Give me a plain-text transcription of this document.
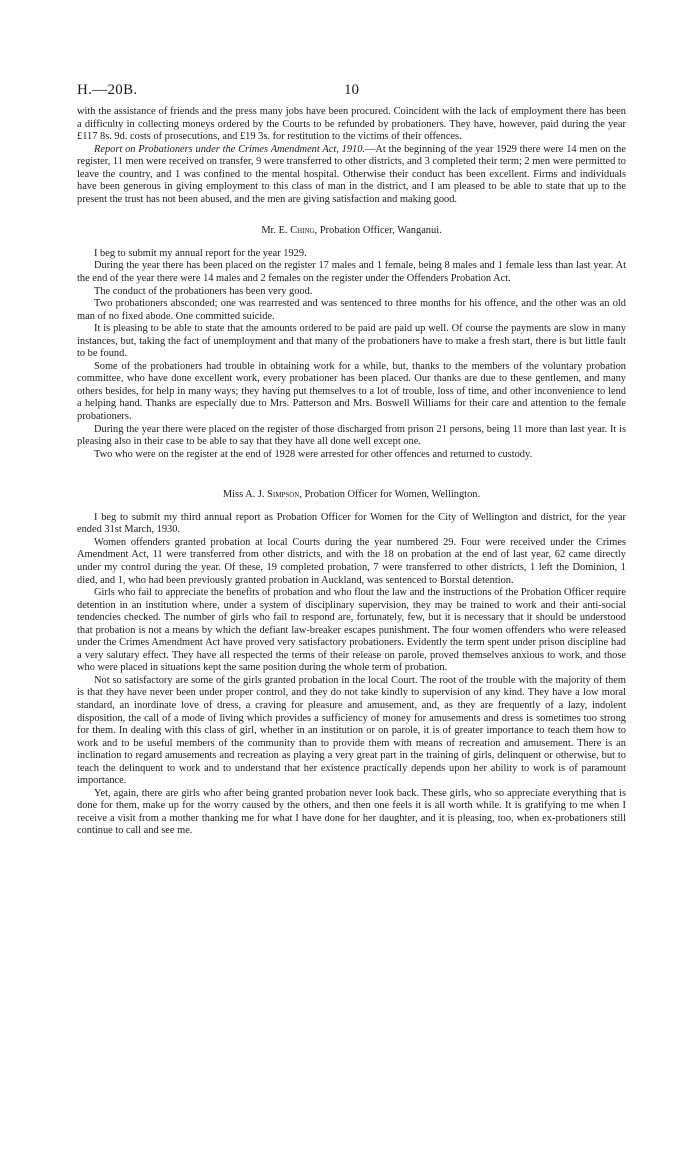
H.—20B.	10

with the assistance of friends and the press many jobs have been procured. Coincident with the lack of employment there has been a difficulty in collecting moneys ordered by the Courts to be refunded by probationers. They have, however, paid during the year £117 8s. 9d. costs of prosecutions, and £19 3s. for restitution to the victims of their offences.

Report on Probationers under the Crimes Amendment Act, 1910.—At the beginning of the year 1929 there were 14 men on the register, 11 men were received on transfer, 9 were transferred to other districts, and 3 completed their term; 2 men were permitted to leave the country, and 1 was confined to the mental hospital. Otherwise their conduct has been excellent. Firms and individuals have been generous in giving employment to this class of man in the district, and I am pleased to be able to state that up to the present the trust has not been abused, and the men are giving satisfaction and making good.

Mr. E. Ching, Probation Officer, Wanganui.

I beg to submit my annual report for the year 1929.

During the year there has been placed on the register 17 males and 1 female, being 8 males and 1 female less than last year. At the end of the year there were 14 males and 2 females on the register under the Offenders Probation Act.

The conduct of the probationers has been very good.

Two probationers absconded; one was rearrested and was sentenced to three months for his offence, and the other was an old man of no fixed abode. One committed suicide.

It is pleasing to be able to state that the amounts ordered to be paid are paid up well. Of course the payments are slow in many instances, but, taking the fact of unemployment and that many of the probationers have to make a fresh start, there is but little fault to be found.

Some of the probationers had trouble in obtaining work for a while, but, thanks to the members of the voluntary probation committee, who have done excellent work, every probationer has been placed. Our thanks are due to these gentlemen, and many others besides, for help in many ways; they having put themselves to a lot of trouble, loss of time, and other inconvenience to lend a helping hand. Thanks are especially due to Mrs. Patterson and Mrs. Boswell Williams for their care and attention to the female probationers.

During the year there were placed on the register of those discharged from prison 21 persons, being 11 more than last year. It is pleasing also in their case to be able to say that they have all done well except one.

Two who were on the register at the end of 1928 were arrested for other offences and returned to custody.

Miss A. J. Simpson, Probation Officer for Women, Wellington.

I beg to submit my third annual report as Probation Officer for Women for the City of Wellington and district, for the year ended 31st March, 1930.

Women offenders granted probation at local Courts during the year numbered 29. Four were received under the Crimes Amendment Act, 11 were transferred from other districts, and with the 18 on probation at the end of last year, 62 came directly under my control during the year. Of these, 19 completed probation, 7 were transferred to other districts, 1 left the Dominion, 1 died, and 1, who had been previously granted probation in Auckland, was sentenced to Borstal detention.

Girls who fail to appreciate the benefits of probation and who flout the law and the instructions of the Probation Officer require detention in an institution where, under a system of disciplinary supervision, they may be trained to work and their anti-social tendencies checked. The number of girls who fail to respond are, fortunately, few, but it is necessary that it should be understood that probation is not a means by which the defiant law-breaker escapes punishment. The four women offenders who were released under the Crimes Amendment Act have proved very satisfactory probationers. Evidently the term spent under prison discipline had a very salutary effect. They have all respected the terms of their release on parole, proved themselves anxious to work, and those who were placed in situations kept the same position during the whole term of probation.

Not so satisfactory are some of the girls granted probation in the local Court. The root of the trouble with the majority of them is that they have never been under proper control, and they do not take kindly to supervision of any kind. They have a low moral standard, an inordinate love of dress, a craving for pleasure and amusement, and, as they are frequently of a lazy, indolent disposition, the call of a mode of living which provides a sufficiency of money for amusements and dress is sometimes too strong for them. In dealing with this class of girl, whether in an institution or on parole, it is of greater importance to teach them how to work and to be useful members of the community than to provide them with means of recreation and amusement. There is an inclination to regard amusements and recreation as playing a very great part in the training of girls, delinquent or otherwise, but to teach the delinquent to work and to understand that her existence practically depends upon her ability to work is of paramount importance.

Yet, again, there are girls who after being granted probation never look back. These girls, who so appreciate everything that is done for them, make up for the worry caused by the others, and then one feels it is all worth while. It is gratifying to me when I receive a visit from a mother thanking me for what I have done for her daughter, and it is pleasing, too, when ex-probationers still continue to call and see me.
